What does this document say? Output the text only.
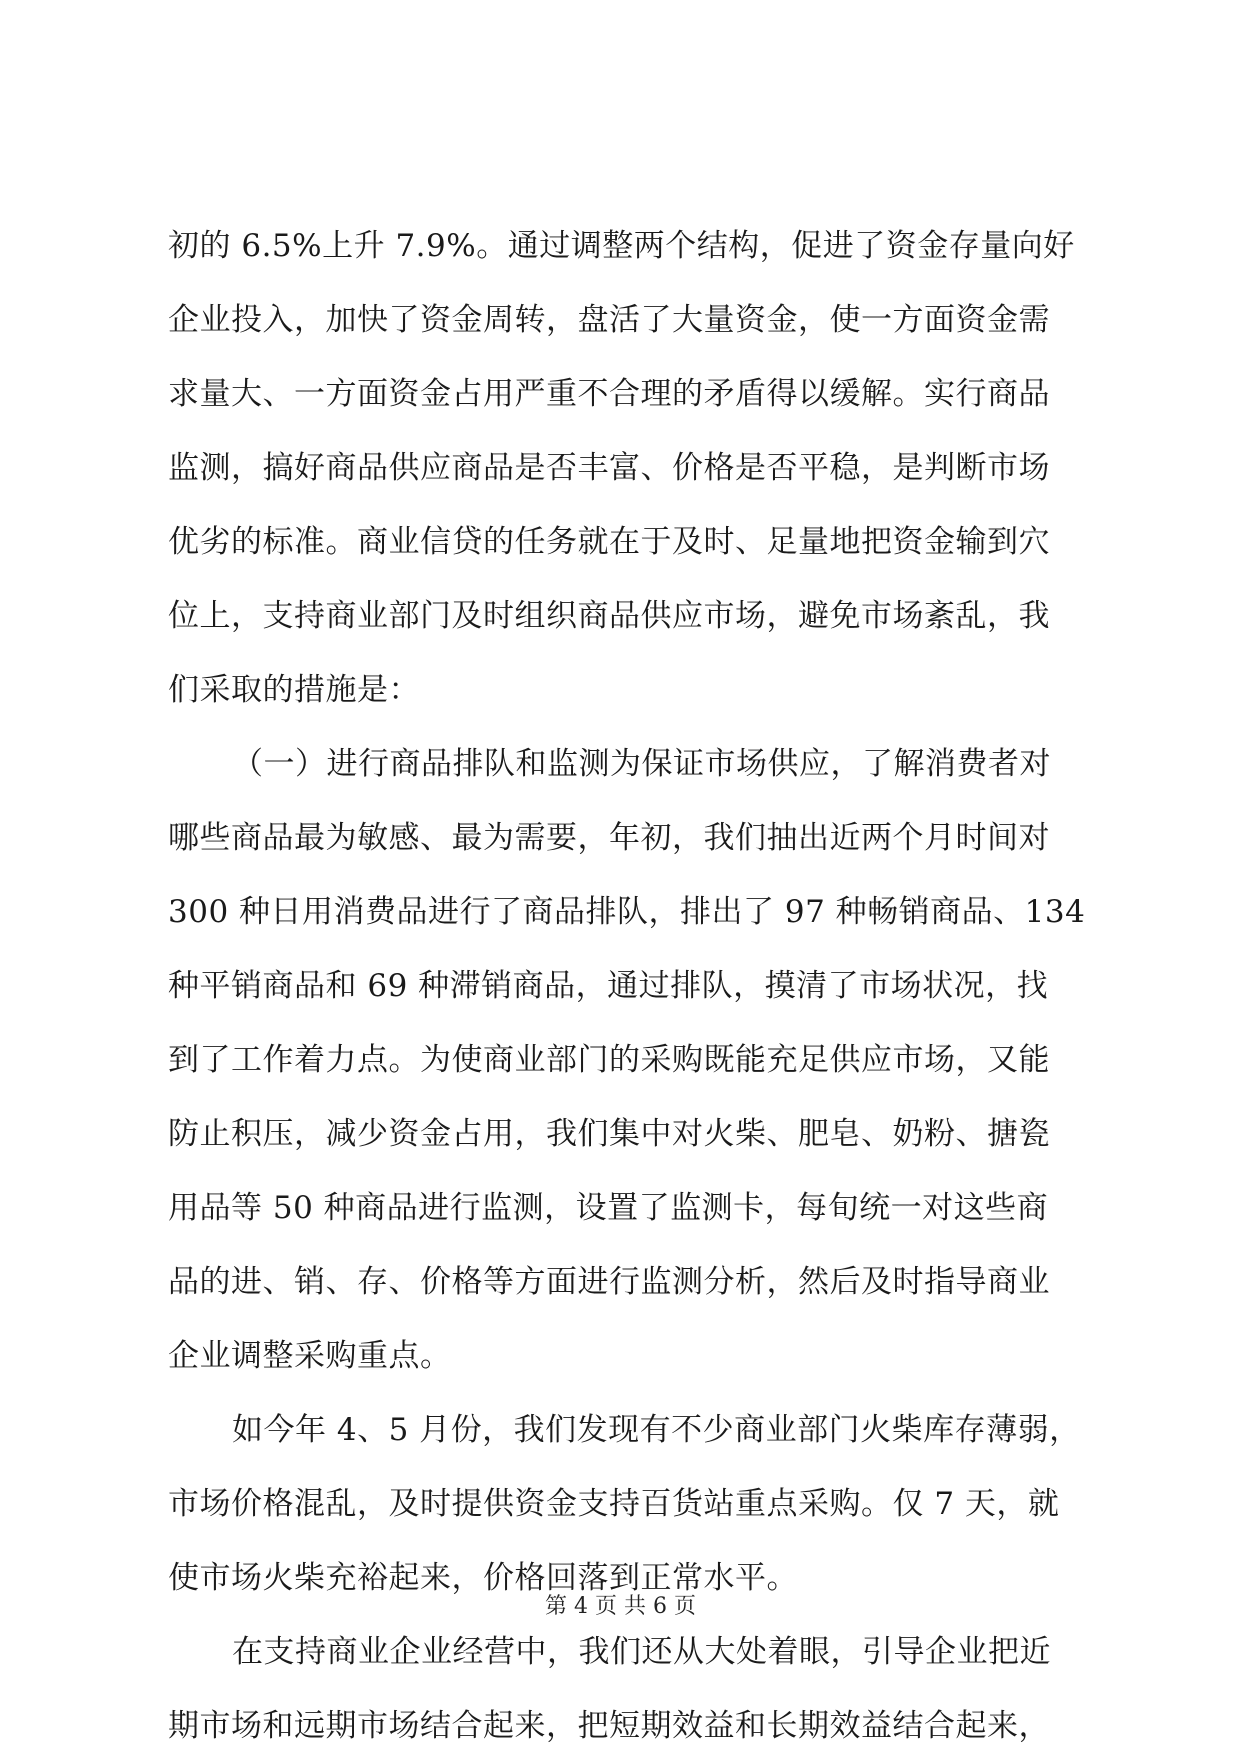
初的 6.5%上升 7.9%。通过调整两个结构，促进了资金存量向好
企业投入，加快了资金周转，盘活了大量资金，使一方面资金需
求量大、一方面资金占用严重不合理的矛盾得以缓解。实行商品
监测，搞好商品供应商品是否丰富、价格是否平稳，是判断市场
优劣的标准。商业信贷的任务就在于及时、足量地把资金输到穴
位上，支持商业部门及时组织商品供应市场，避免市场紊乱，我
们采取的措施是：
（一）进行商品排队和监测为保证市场供应，了解消费者对
哪些商品最为敏感、最为需要，年初，我们抽出近两个月时间对
300 种日用消费品进行了商品排队，排出了 97 种畅销商品、134
种平销商品和 69 种滞销商品，通过排队，摸清了市场状况，找
到了工作着力点。为使商业部门的采购既能充足供应市场，又能
防止积压，减少资金占用，我们集中对火柴、肥皂、奶粉、搪瓷
用品等 50 种商品进行监测，设置了监测卡，每旬统一对这些商
品的进、销、存、价格等方面进行监测分析，然后及时指导商业
企业调整采购重点。
如今年 4、5 月份，我们发现有不少商业部门火柴库存薄弱，
市场价格混乱，及时提供资金支持百货站重点采购。仅 7 天，就
使市场火柴充裕起来，价格回落到正常水平。
在支持商业企业经营中，我们还从大处着眼，引导企业把近
期市场和远期市场结合起来，把短期效益和长期效益结合起来，
第 4 页 共 6 页
